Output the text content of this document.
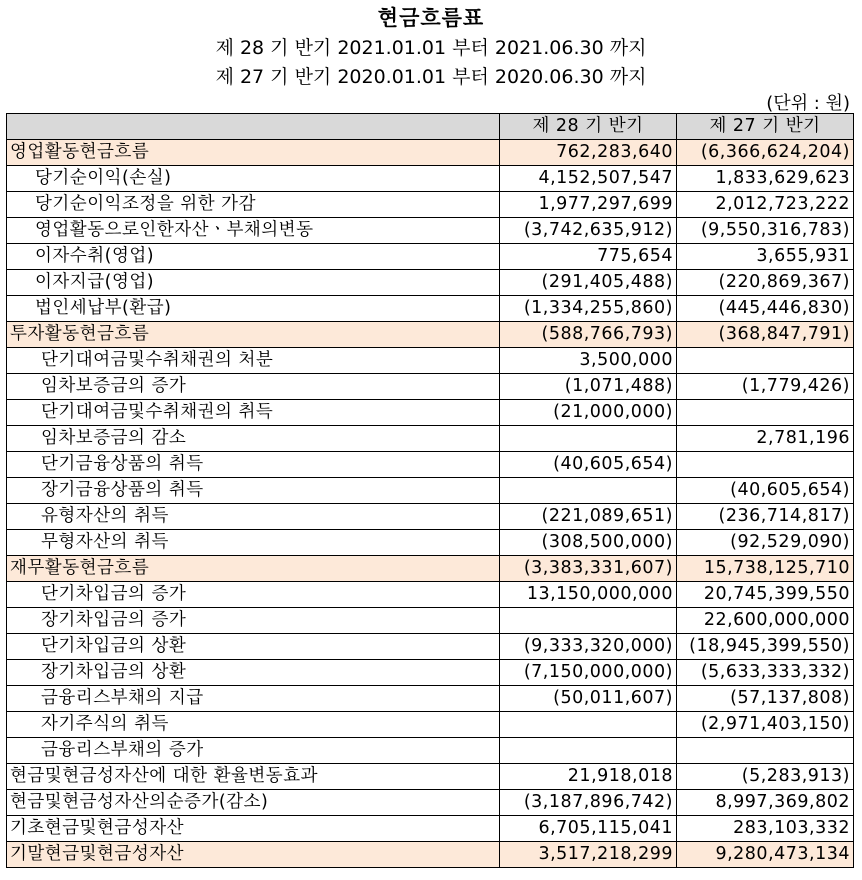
현금흐름표
제 28 기 반기 2021.01.01 부터 2021.06.30 까지
제 27 기 반기 2020.01.01 부터 2020.06.30 까지
(단위 : 원)
	제 28 기 반기	제 27 기 반기
영업활동현금흐름	762,283,640	(6,366,624,204)
당기순이익(손실)	4,152,507,547	1,833,629,623
당기순이익조정을 위한 가감	1,977,297,699	2,012,723,222
영업활동으로인한자산ㆍ부채의변동	(3,742,635,912)	(9,550,316,783)
이자수취(영업)	775,654	3,655,931
이자지급(영업)	(291,405,488)	(220,869,367)
법인세납부(환급)	(1,334,255,860)	(445,446,830)
투자활동현금흐름	(588,766,793)	(368,847,791)
단기대여금및수취채권의 처분	3,500,000	
임차보증금의 증가	(1,071,488)	(1,779,426)
단기대여금및수취채권의 취득	(21,000,000)	
임차보증금의 감소		2,781,196
단기금융상품의 취득	(40,605,654)	
장기금융상품의 취득		(40,605,654)
유형자산의 취득	(221,089,651)	(236,714,817)
무형자산의 취득	(308,500,000)	(92,529,090)
재무활동현금흐름	(3,383,331,607)	15,738,125,710
단기차입금의 증가	13,150,000,000	20,745,399,550
장기차입금의 증가		22,600,000,000
단기차입금의 상환	(9,333,320,000)	(18,945,399,550)
장기차입금의 상환	(7,150,000,000)	(5,633,333,332)
금융리스부채의 지급	(50,011,607)	(57,137,808)
자기주식의 취득		(2,971,403,150)
금융리스부채의 증가		
현금및현금성자산에 대한 환율변동효과	21,918,018	(5,283,913)
현금및현금성자산의순증가(감소)	(3,187,896,742)	8,997,369,802
기초현금및현금성자산	6,705,115,041	283,103,332
기말현금및현금성자산	3,517,218,299	9,280,473,134
